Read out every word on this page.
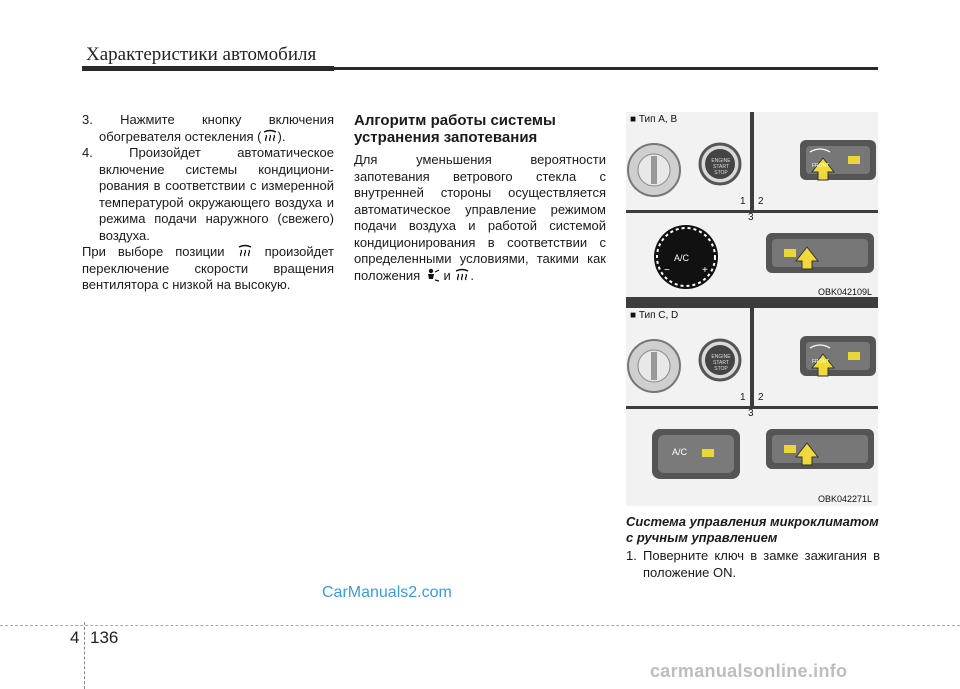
Характеристики автомобиля

3. Нажмите кнопку включения обогревателя остекления ( ).

4. Произойдет автоматическое включение системы кондициони-рования в соответствии с измеренной температурой окружающего воздуха и режима подачи наружного (свежего) воздуха.

При выборе позиции	произойдет переключение скорости вращения вентилятора с низкой на высокую.

Алгоритм работы системы устранения запотевания

Для уменьшения вероятности запотевания ветрового стекла с внутренней стороны осуществляется автоматическое управление режимом подачи воздуха и работой системой кондиционирования в соответствии с определенными условиями, такими как положения и .

■ Тип A, B
ENGINE START STOP
1
FRONT
2
3
A/C
−	+
OBK042109L
■ Тип C, D
ENGINE START STOP
1
FRONT
2
3
A/C
OBK042271L

Система управления микроклиматом с ручным управлением

1. Поверните ключ в замке зажигания в положение ON.

CarManuals2.com
4 136
carmanualsonline.info
